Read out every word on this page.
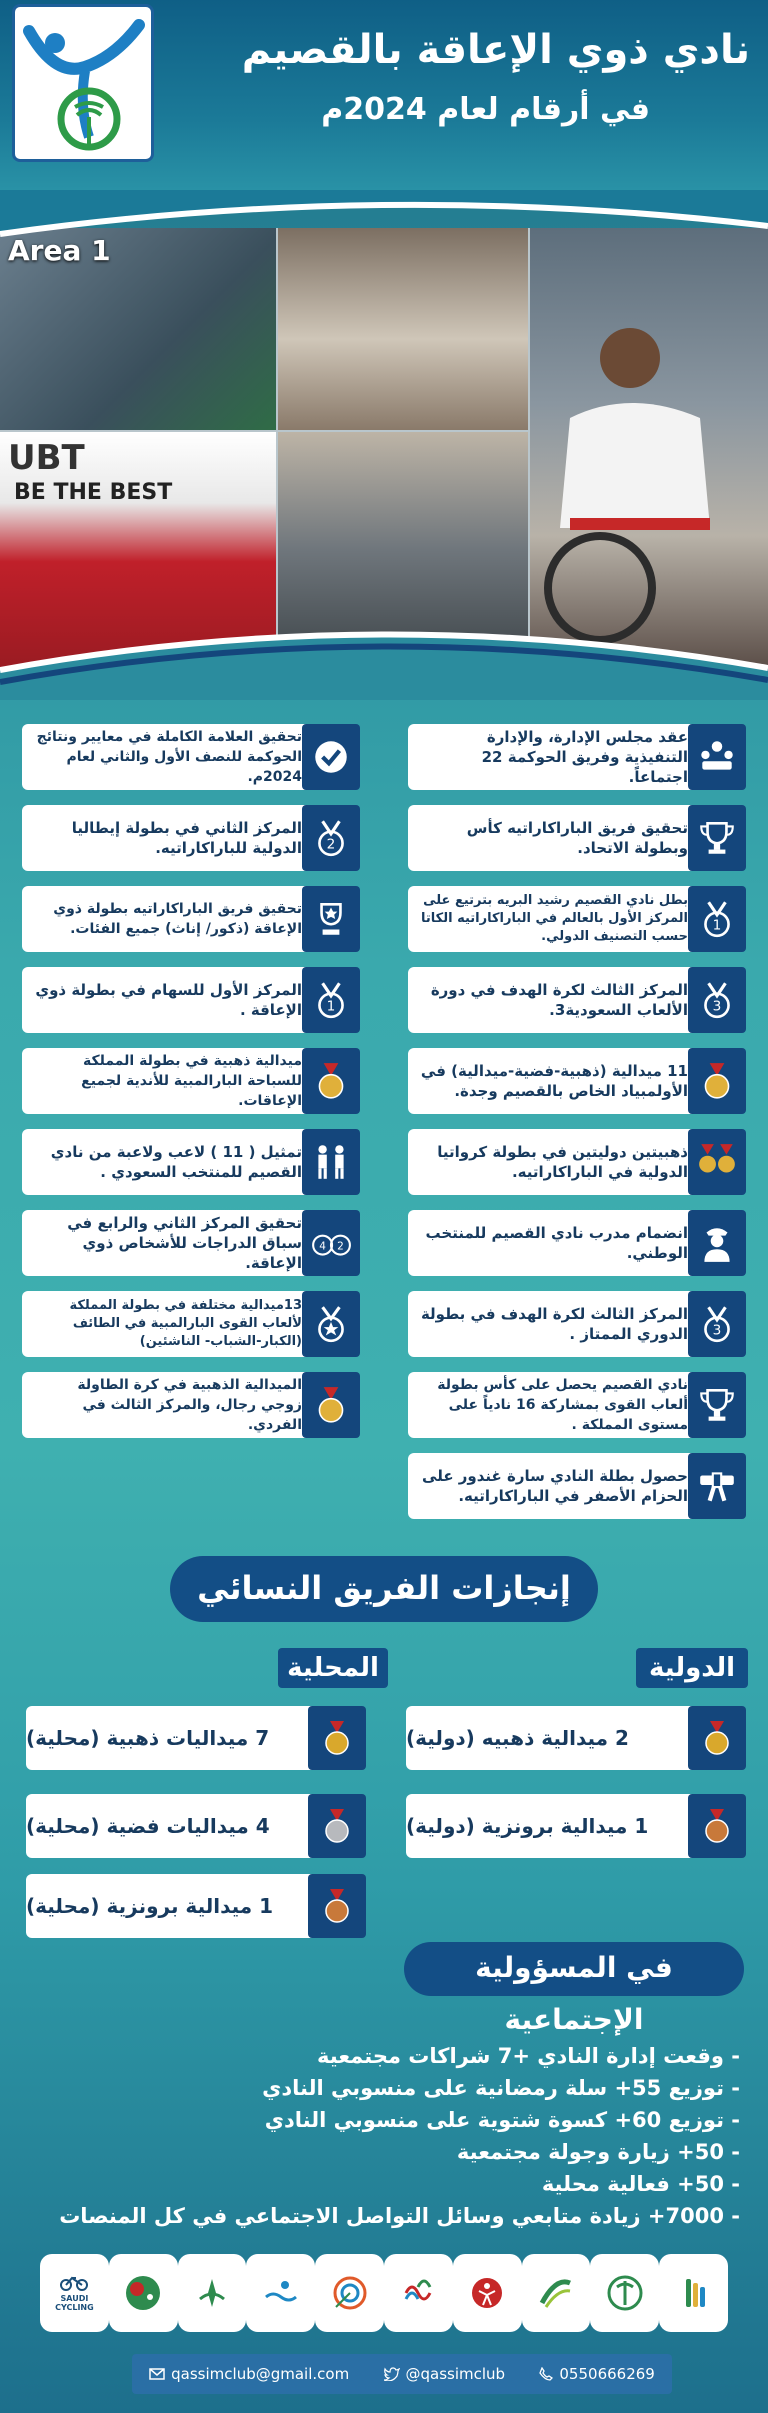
نادي ذوي الإعاقة بالقصيم
في أرقام لعام 2024م
Area 1
UBT
BE THE BEST
عقد مجلس الإدارة، والإدارة التنفيذية وفريق الحوكمة 22 اجتماعاً.
تحقيق فريق الباراكاراتيه كأس وبطولة الاتحاد.
بطل نادي القصيم رشيد البريه بترتيع على المركز الأول بالعالم في الباراكاراتيه الكاتا حسب التصنيف الدولي.
1
المركز الثالث لكرة الهدف في دورة الألعاب السعودية3.	3
11 ميدالية (ذهبية-فضية-ميدالية) في الأولمبياد الخاص بالقصيم وجدة.
ذهبيتين دوليتين في بطولة كرواتيا الدولية في الباراكاراتيه.
انضمام مدرب نادي القصيم للمنتخب الوطني.
المركز الثالث لكرة الهدف في بطولة الدوري الممتاز .	3
نادي القصيم يحصل على كأس بطولة ألعاب القوى بمشاركة 16 نادياً على مستوى المملكة .
حصول بطلة النادي سارة غندور على الحزام الأصفر في الباراكاراتيه.
تحقيق العلامة الكاملة في معايير ونتائج الحوكمة للنصف الأول والثاني لعام 2024م.
المركز الثاني في بطولة إيطاليا الدولية للباراكاراتيه.	2
تحقيق فريق الباراكاراتيه بطولة ذوي الإعاقة (ذكور/ إناث) جميع الفئات.
المركز الأول للسهام في بطولة ذوي الإعاقة .	1
ميدالية ذهبية في بطولة المملكة للسباحة البارالمبية للأندية لجميع الإعاقات.
تمثيل ( 11 ) لاعب ولاعبة من نادي القصيم للمنتخب السعودي .
تحقيق المركز الثاني والرابع في سباق الدراجات للأشخاص ذوي الإعاقة.
4 2
13ميدالية مختلفة في بطولة المملكة لألعاب القوى البارالمبية في الطائف (الكبار-الشباب- الناشئين)
الميدالية الذهبية في كرة الطاولة زوجي رجال، والمركز الثالث في الفردي.
إنجازات الفريق النسائي
المحلية	الدولية
7 ميداليات ذهبية (محلية)
4 ميداليات فضية (محلية)
1 ميدالية برونزية (محلية)
2 ميدالية ذهبيه (دولية)
1 ميدالية برونزية (دولية)
في المسؤولية الإجتماعية
- وقعت إدارة النادي +7 شراكات مجتمعية
- توزيع 55+ سلة رمضانية على منسوبي النادي
- توزيع 60+ كسوة شتوية على منسوبي النادي
- 50+ زيارة وجولة مجتمعية
- 50+ فعالية محلية
- 7000+ زيادة متابعي وسائل التواصل الاجتماعي في كل المنصات
SAUDI CYCLING
qassimclub@gmail.com	@qassimclub	0550666269
